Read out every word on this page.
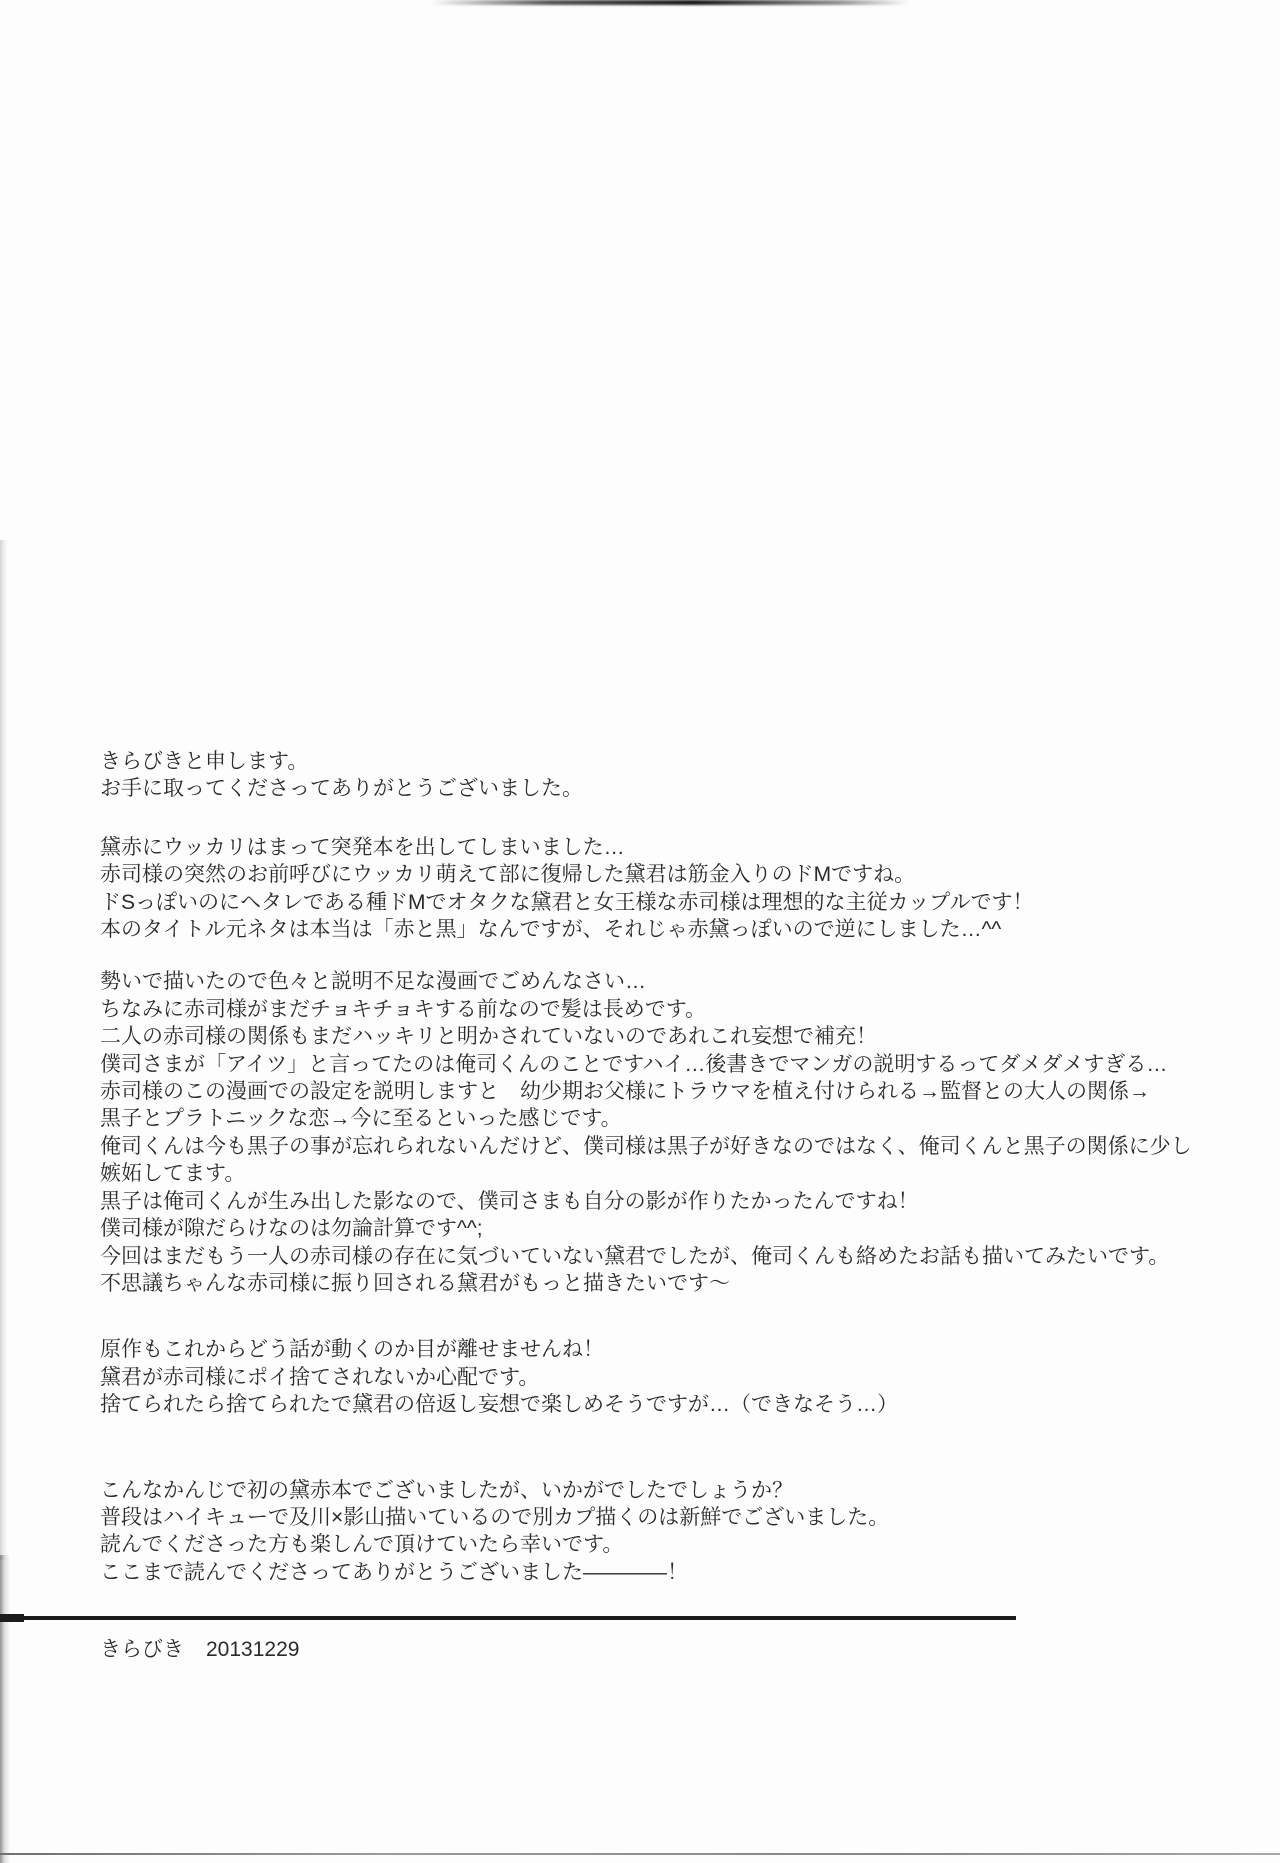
きらびきと申します。
お手に取ってくださってありがとうございました。
黛赤にウッカリはまって突発本を出してしまいました…
赤司様の突然のお前呼びにウッカリ萌えて部に復帰した黛君は筋金入りのドMですね。
ドSっぽいのにヘタレである種ドMでオタクな黛君と女王様な赤司様は理想的な主従カップルです！
本のタイトル元ネタは本当は「赤と黒」なんですが、それじゃ赤黛っぽいので逆にしました…^^
勢いで描いたので色々と説明不足な漫画でごめんなさい…
ちなみに赤司様がまだチョキチョキする前なので髪は長めです。
二人の赤司様の関係もまだハッキリと明かされていないのであれこれ妄想で補充！
僕司さまが「アイツ」と言ってたのは俺司くんのことですハイ…後書きでマンガの説明するってダメダメすぎる…
赤司様のこの漫画での設定を説明しますと　幼少期お父様にトラウマを植え付けられる→監督との大人の関係→
黒子とプラトニックな恋→今に至るといった感じです。
俺司くんは今も黒子の事が忘れられないんだけど、僕司様は黒子が好きなのではなく、俺司くんと黒子の関係に少し
嫉妬してます。
黒子は俺司くんが生み出した影なので、僕司さまも自分の影が作りたかったんですね！
僕司様が隙だらけなのは勿論計算です^^;
今回はまだもう一人の赤司様の存在に気づいていない黛君でしたが、俺司くんも絡めたお話も描いてみたいです。
不思議ちゃんな赤司様に振り回される黛君がもっと描きたいです～
原作もこれからどう話が動くのか目が離せませんね！
黛君が赤司様にポイ捨てされないか心配です。
捨てられたら捨てられたで黛君の倍返し妄想で楽しめそうですが…（できなそう…）
こんなかんじで初の黛赤本でございましたが、いかがでしたでしょうか？
普段はハイキューで及川×影山描いているので別カプ描くのは新鮮でございました。
読んでくださった方も楽しんで頂けていたら幸いです。
ここまで読んでくださってありがとうございました――――！
きらびき 20131229
